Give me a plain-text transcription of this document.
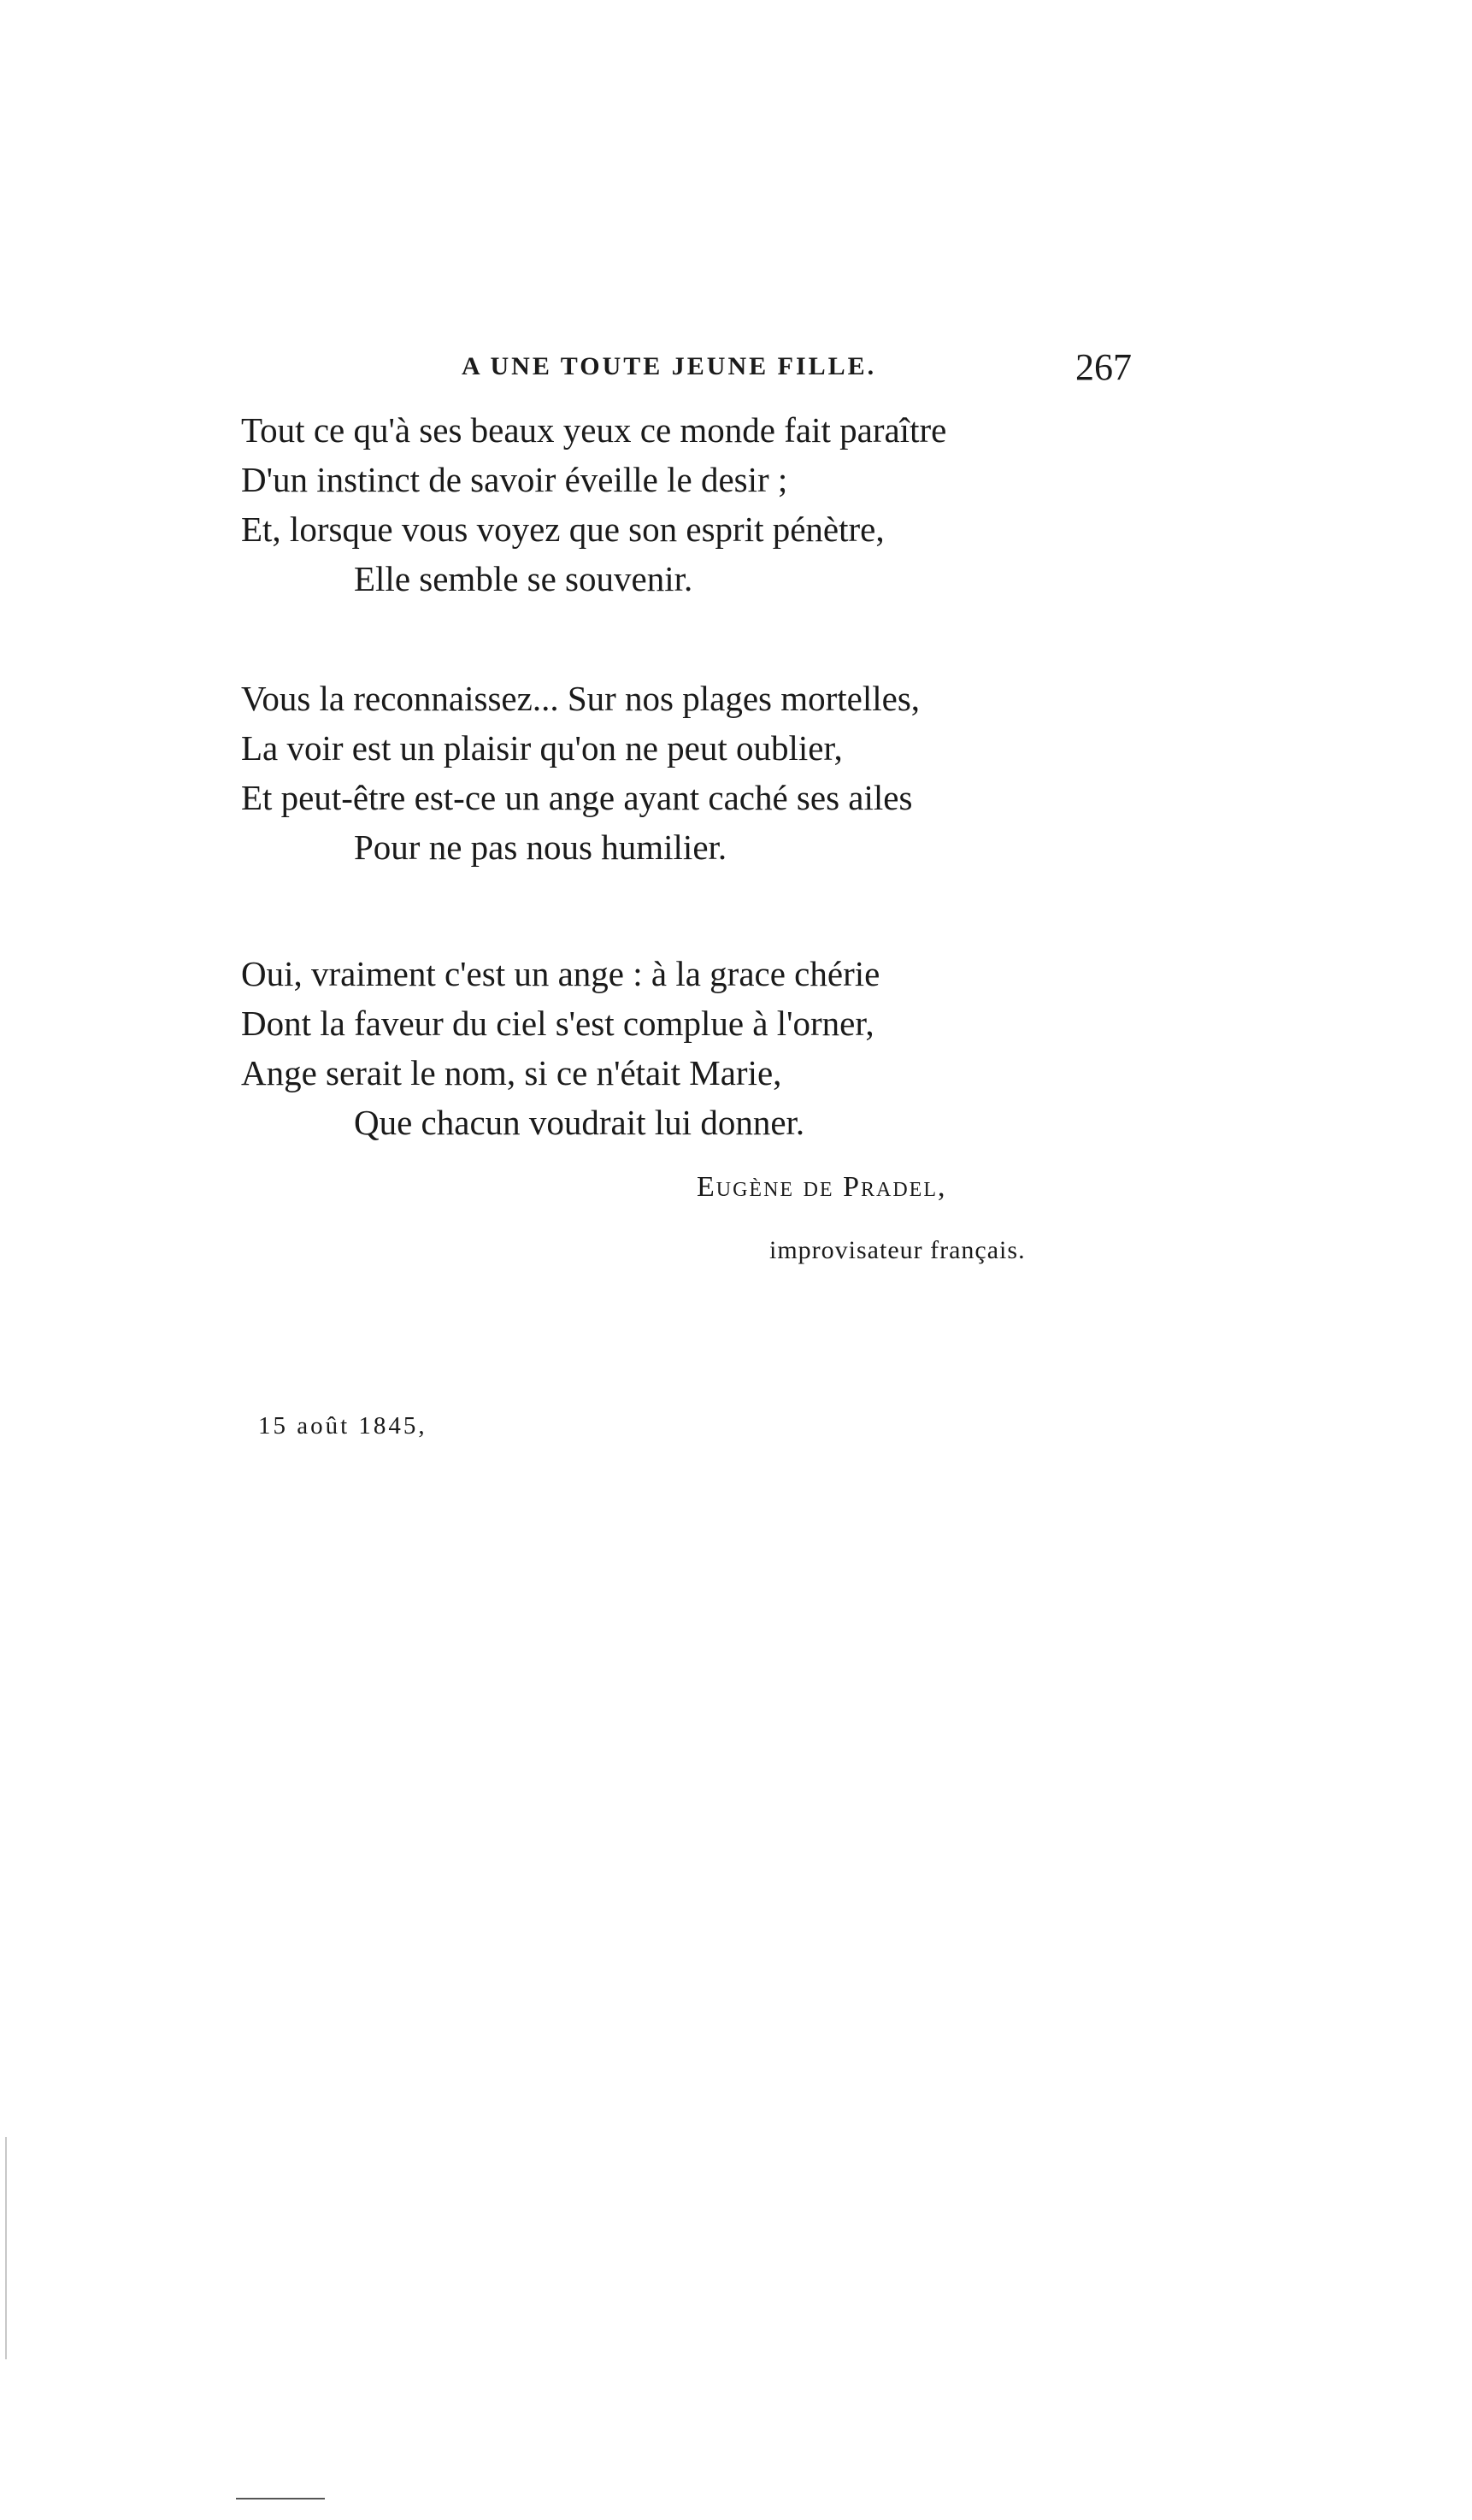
A UNE TOUTE JEUNE FILLE.	267
Tout ce qu'à ses beaux yeux ce monde fait paraître
D'un instinct de savoir éveille le desir ;
Et, lorsque vous voyez que son esprit pénètre,
Elle semble se souvenir.
Vous la reconnaissez... Sur nos plages mortelles,
La voir est un plaisir qu'on ne peut oublier,
Et peut-être est-ce un ange ayant caché ses ailes
Pour ne pas nous humilier.
Oui, vraiment c'est un ange : à la grace chérie
Dont la faveur du ciel s'est complue à l'orner,
Ange serait le nom, si ce n'était Marie,
Que chacun voudrait lui donner.
Eugène de Pradel,
improvisateur français.
15 août 1845,
